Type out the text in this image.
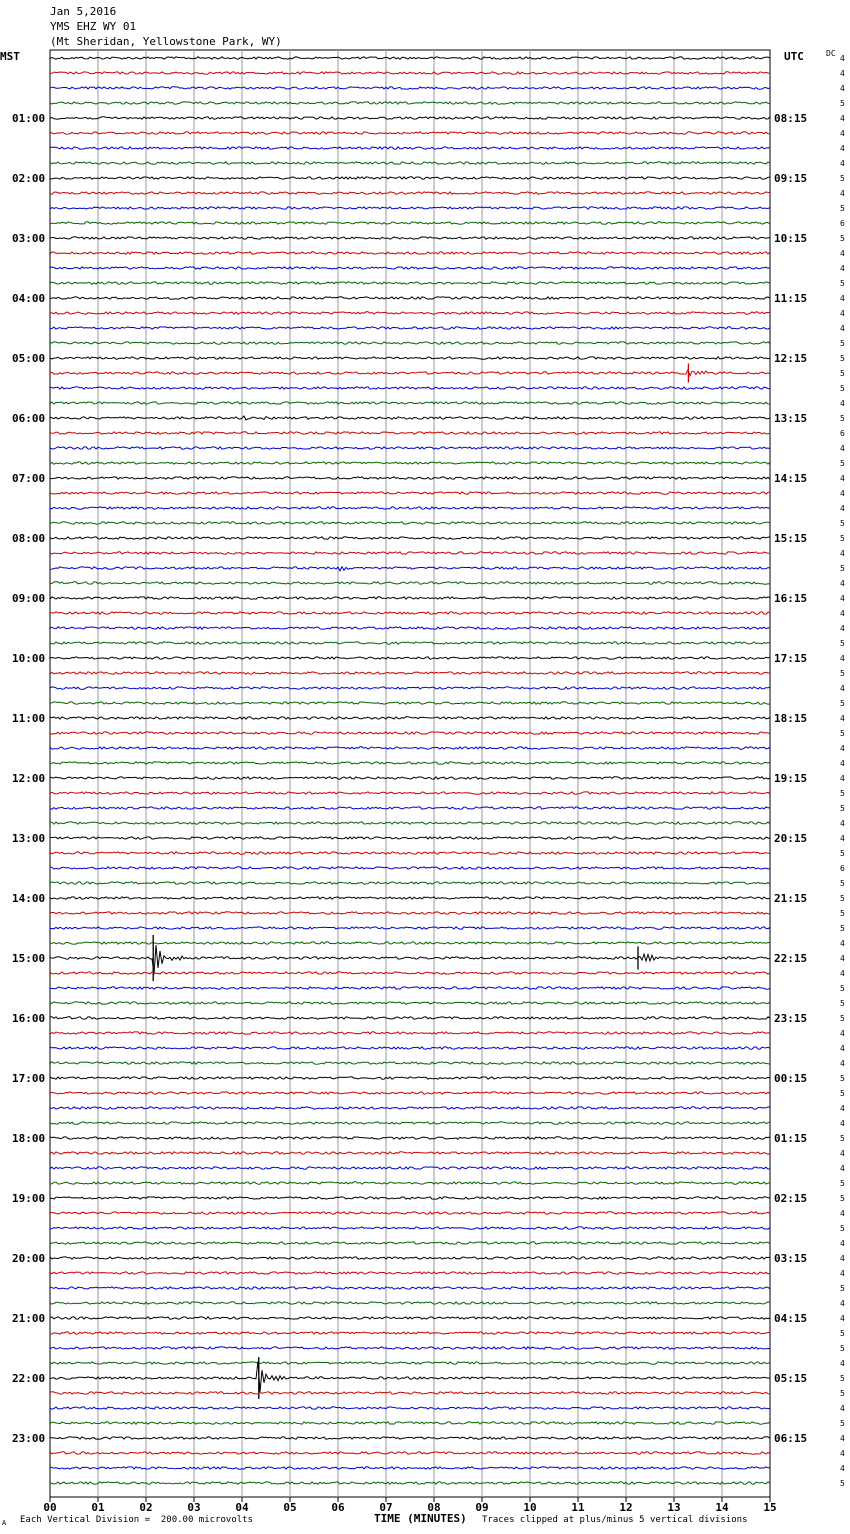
Jan 5,2016
YMS EHZ WY 01
(Mt Sheridan, Yellowstone Park, WY)
MST	UTC	DC
01:00
02:00
03:00
04:00
05:00
06:00
07:00
08:00
09:00
10:00
11:00
12:00
13:00
14:00
15:00
16:00
17:00
18:00
19:00
20:00
21:00
22:00
23:00
08:15
09:15
10:15
11:15
12:15
13:15
14:15
15:15
16:15
17:15
18:15
19:15
20:15
21:15
22:15
23:15
00:15
01:15
02:15
03:15
04:15
05:15
06:15
4
4
4
5
4
4
4
4
5
4
5
6
5
4
4
5
4
4
4
5
5
5
5
4
5
6
4
5
4
4
4
5
5
4
5
4
4
4
4
5
4
5
4
5
4
5
4
4
4
5
5
4
4
5
6
5
5
5
5
4
4
4
5
5
5
4
4
4
5
5
4
4
5
4
4
5
5
4
5
4
4
4
5
4
4
5
5
4
5
5
4
5
4
4
4
5
00	01	02	03	04	05	06	07	08	09	10	11	12	13	14	15
TIME (MINUTES)
A Each Vertical Division =  200.00 microvolts	Traces clipped at plus/minus 5 vertical divisions
